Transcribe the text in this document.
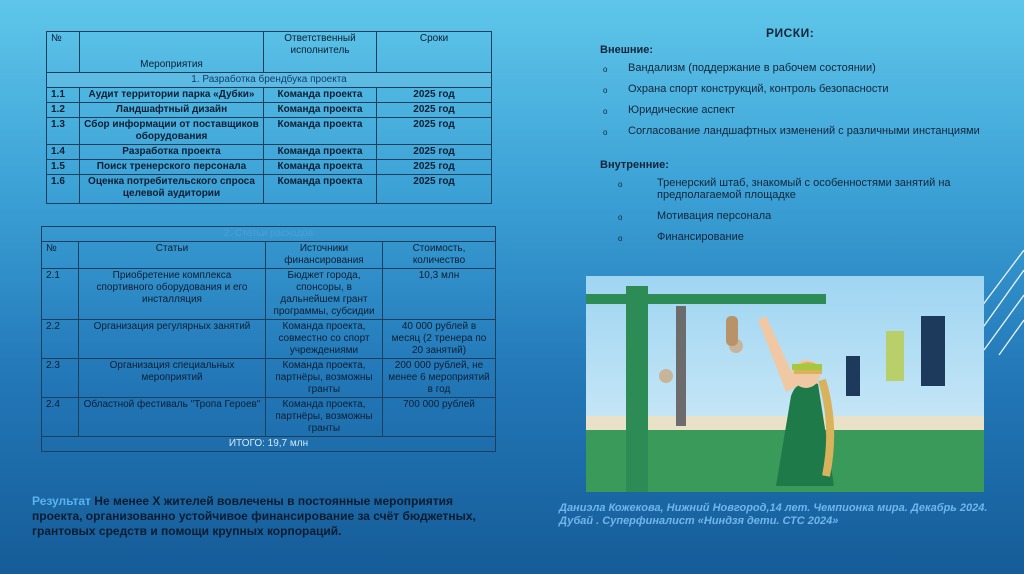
№	Мероприятия	Ответственный исполнитель	Сроки
1. Разработка брендбука проекта			
1.1	Аудит территории парка «Дубки»	Команда проекта	2025 год
1.2	Ландшафтный дизайн	Команда проекта	2025 год
1.3	Сбор информации от поставщиков оборудования	Команда проекта	2025 год
1.4	Разработка проекта	Команда проекта	2025 год
1.5	Поиск тренерского персонала	Команда проекта	2025 год
1.6	Оценка потребительского спроса целевой аудитории	Команда проекта	2025 год
2. Статьи расходов			
№	Статьи	Источники финансирования	Стоимость, количество
2.1	Приобретение комплекса спортивного оборудования и его инсталляция	Бюджет города, спонсоры, в дальнейшем грант программы, субсидии	10,3 млн
2.2	Организация регулярных занятий	Команда проекта, совместно со спорт учреждениями	40 000 рублей в месяц (2 тренера по 20 занятий)
2.3	Организация специальных мероприятий	Команда проекта, партнёры, возможны гранты	200 000 рублей, не менее 6 мероприятий в год
2.4	Областной фестиваль "Тропа Героев"	Команда проекта, партнёры, возможны гранты	700 000 рублей
ИТОГО: 19,7 млн			
РИСКИ:
Внешние:
o Вандализм (поддержание в рабочем состоянии)
o Охрана спорт конструкций, контроль безопасности
o Юридические аспект
o Согласование ландшафтных изменений с различными инстанциями
Внутренние:
o	Тренерский штаб, знакомый с особенностями занятий на предполагаемой площадке
o	Мотивация персонала
o	Финансирование
Даниэла Кожекова, Нижний Новгород,14 лет. Чемпионка мира. Декабрь 2024. Дубай . Суперфиналист «Ниндзя дети. СТС 2024»
Результат Не менее Х жителей вовлечены в постоянные мероприятия проекта, организованно устойчивое финансирование за счёт бюджетных, грантовых средств и помощи крупных корпораций.
